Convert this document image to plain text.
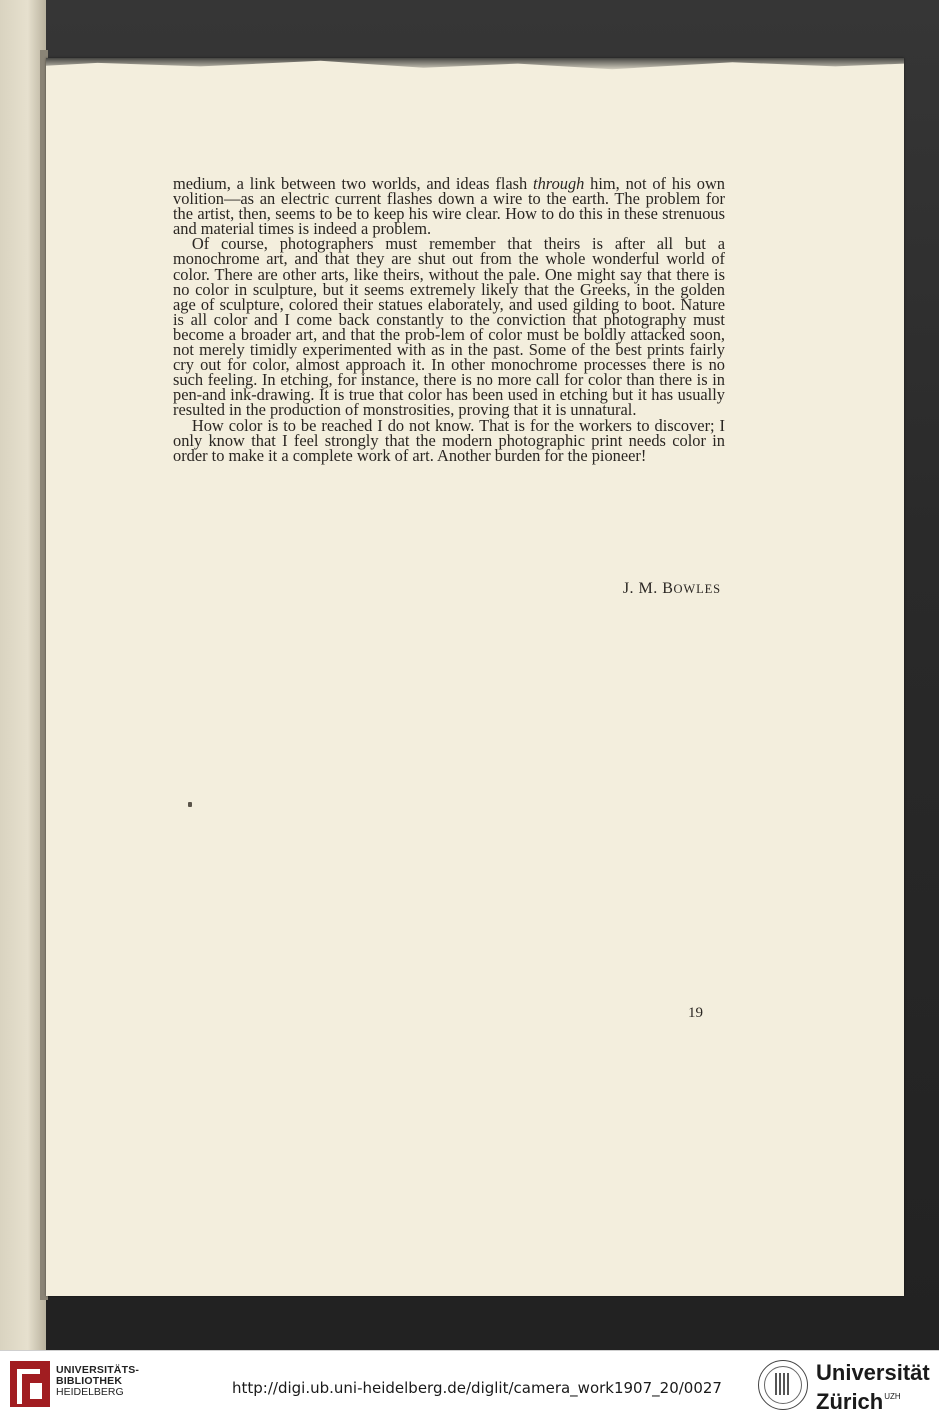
medium, a link between two worlds, and ideas flash through him, not of his own volition—as an electric current flashes down a wire to the earth. The problem for the artist, then, seems to be to keep his wire clear. How to do this in these strenuous and material times is indeed a problem.

Of course, photographers must remember that theirs is after all but a monochrome art, and that they are shut out from the whole wonderful world of color. There are other arts, like theirs, without the pale. One might say that there is no color in sculpture, but it seems extremely likely that the Greeks, in the golden age of sculpture, colored their statues elaborately, and used gilding to boot. Nature is all color and I come back constantly to the conviction that photography must become a broader art, and that the prob-lem of color must be boldly attacked soon, not merely timidly experimented with as in the past. Some of the best prints fairly cry out for color, almost approach it. In other monochrome processes there is no such feeling. In etching, for instance, there is no more call for color than there is in pen-and ink-drawing. It is true that color has been used in etching but it has usually resulted in the production of monstrosities, proving that it is unnatural.

How color is to be reached I do not know. That is for the workers to discover; I only know that I feel strongly that the modern photographic print needs color in order to make it a complete work of art. Another burden for the pioneer!

J. M. BOWLES
19
UNIVERSITÄTS-
BIBLIOTHEK
HEIDELBERG	http://digi.ub.uni-heidelberg.de/diglit/camera_work1907_20/0027
Universität
Zürich$^{UZH}$
